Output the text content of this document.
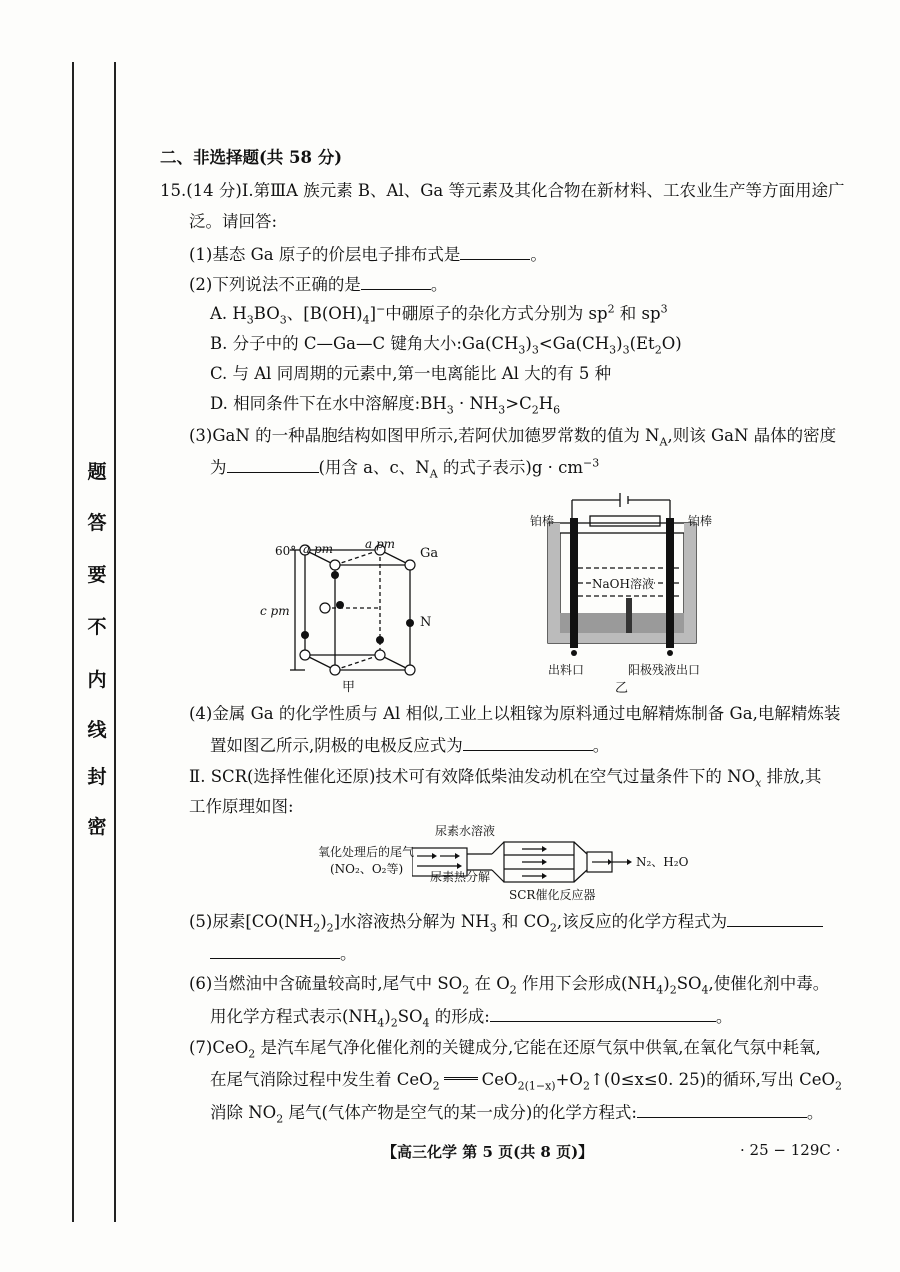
密
封
线
内
不
要
答
题
二、非选择题(共 58 分)
15.(14 分)Ⅰ.第ⅢA 族元素 B、Al、Ga 等元素及其化合物在新材料、工农业生产等方面用途广
泛。请回答:
(1)基态 Ga 原子的价层电子排布式是	。
(2)下列说法不正确的是	。
A. $H_3BO_3$、$[B(OH)_4]^-$中硼原子的杂化方式分别为 $sp^2$ 和 $sp^3$
B. 分子中的 C—Ga—C 键角大小$:Ga(CH_3)_3<Ga(CH_3)_3(Et_2O)$
C. 与 Al 同周期的元素中,第一电离能比 Al 大的有 5 种
D. 相同条件下在水中溶解度$:BH_3 \cdot NH_3>C_2H_6$
(3)GaN 的一种晶胞结构如图甲所示,若阿伏加德罗常数的值为 $N_A$,则该 GaN 晶体的密度
为	(用含 a、c、$N_A$ 的式子表示)$g \cdot cm^{-3}$
60° a pm	a pm
c pm
Ga
N
甲
铂棒	铂棒
NaOH溶液
出料口	阳极残液出口
乙
(4)金属 Ga 的化学性质与 Al 相似,工业上以粗镓为原料通过电解精炼制备 Ga,电解精炼装
置如图乙所示,阴极的电极反应式为	。
Ⅱ. SCR(选择性催化还原)技术可有效降低柴油发动机在空气过量条件下的 $NO_x$ 排放,其
工作原理如图:
尿素水溶液
氧化处理后的尾气
(NO₂、O₂等)
尿素热分解
SCR催化反应器
N₂、H₂O
(5)尿素$[CO(NH_2)_2]$水溶液热分解为 $NH_3$ 和 $CO_2$,该反应的化学方程式为
。
(6)当燃油中含硫量较高时,尾气中 $SO_2$ 在 $O_2$ 作用下会形成$(NH_4)_2SO_4$,使催化剂中毒。
用化学方程式表示$(NH_4)_2SO_4$ 的形成:	。
(7)CeO$_2$ 是汽车尾气净化催化剂的关键成分,它能在还原气氛中供氧,在氧化气氛中耗氧,
在尾气消除过程中发生着 CeO$_2$	$CeO_{2(1-x)}+O_2↑(0\le x\le 0$. 25)的循环,写出 CeO$_2$
消除 $NO_2$ 尾气(气体产物是空气的某一成分)的化学方程式:	。
【高三化学 第 5 页(共 8 页)】	· 25 − 129C ·
